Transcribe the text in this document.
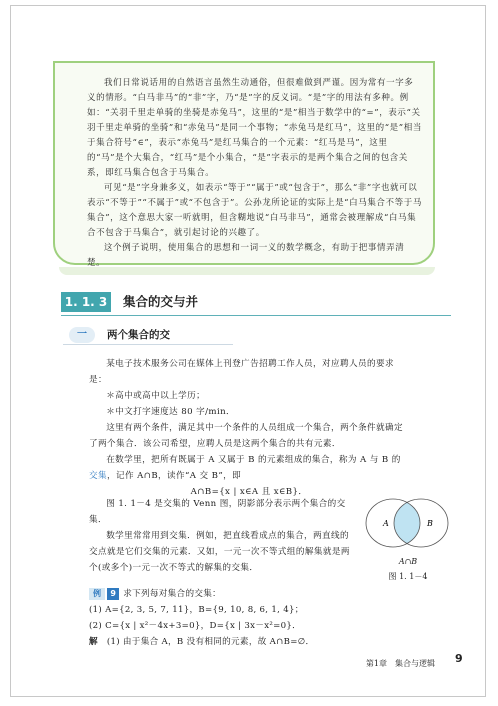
我们日常说话用的自然语言虽然生动通俗，但很难做到严谨。因为常有一字多义的情形。“白马非马”的“非”字，乃“是”字的反义词。“是”字的用法有多种。例如：“关羽千里走单骑的坐骑是赤兔马”，这里的“是”相当于数学中的“=”，表示“关羽千里走单骑的坐骑”和“赤兔马”是同一个事物；“赤兔马是红马”，这里的“是”相当于集合符号“∈”，表示“赤兔马”是红马集合的一个元素：“红马是马”，这里的“马”是个大集合，“红马”是个小集合，“是”字表示的是两个集合之间的包含关系，即红马集合包含于马集合。

可见“是”字身兼多义，如表示“等于”“属于”或“包含于”，那么“非”字也就可以表示“不等于”“不属于”或“不包含于”。公孙龙所论证的实际上是“白马集合不等于马集合”，这个意思大家一听就明，但含糊地说“白马非马”，通常会被理解成“白马集合不包含于马集合”，就引起讨论的兴趣了。

这个例子说明，使用集合的思想和一词一义的数学概念，有助于把事情弄清楚。

1. 1. 3 集合的交与并
一	两个集合的交

某电子技术服务公司在媒体上刊登广告招聘工作人员，对应聘人员的要求是：

＊高中或高中以上学历；

＊中文打字速度达 80 字/min．

这里有两个条件，满足其中一个条件的人员组成一个集合，两个条件就确定了两个集合．该公司希望，应聘人员是这两个集合的共有元素．

在数学里，把所有既属于 A 又属于 B 的元素组成的集合，称为 A 与 B 的交集，记作 A∩B，读作“A 交 B”，即

A∩B={x | x∈A 且 x∈B}．

图 1. 1－4 是交集的 Venn 图，阴影部分表示两个集合的交集．

数学里常常用到交集．例如，把直线看成点的集合，两直线的交点就是它们交集的元素．又如，一元一次不等式组的解集就是两个(或多个)一元一次不等式的解集的交集．

A	B
A∩B
图 1. 1－4

例 9 求下列每对集合的交集：

(1) A={2, 3, 5, 7, 11}，B={9, 10, 8, 6, 1, 4}；

(2) C={x | x²－4x+3=0}，D={x | 3x－x²=0}．

解　 (1) 由于集合 A，B 没有相同的元素，故 A∩B=∅．

第1章　集合与逻辑 9
